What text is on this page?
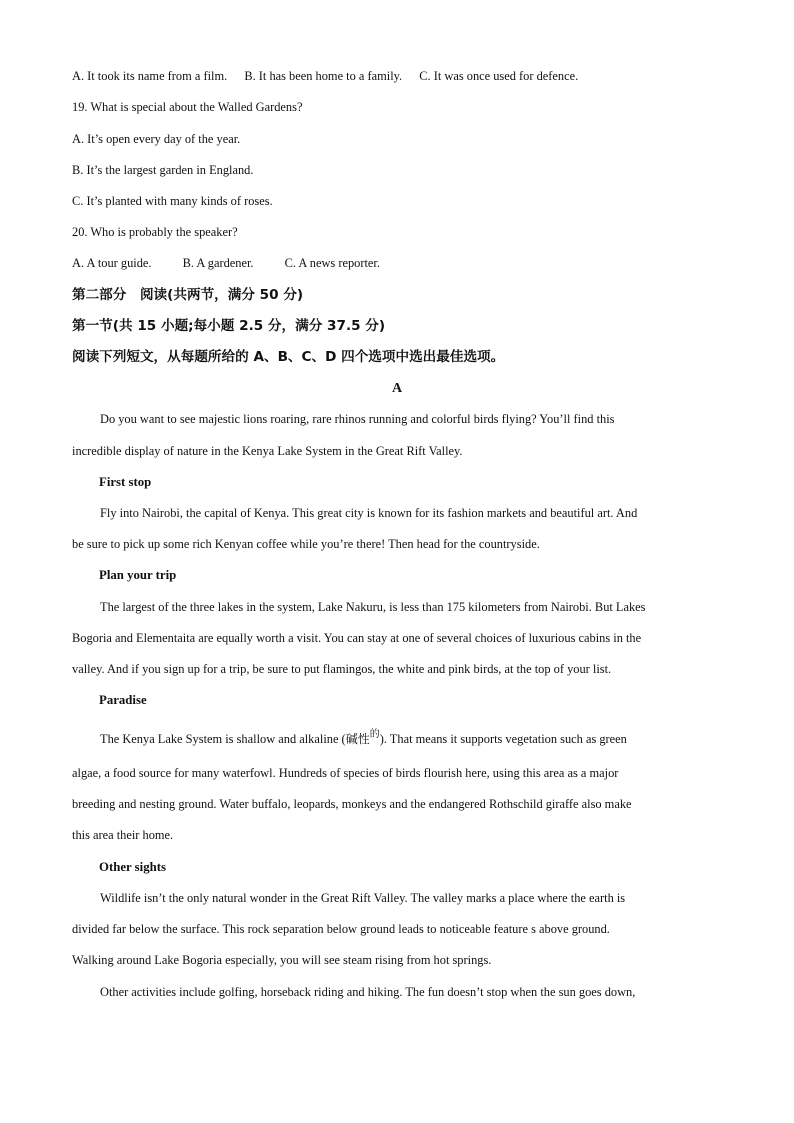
A. It took its name from a film. B. It has been home to a family. C. It was once used for defence.
19. What is special about the Walled Gardens?
A. It’s open every day of the year.
B. It’s the largest garden in England.
C. It’s planted with many kinds of roses.
20. Who is probably the speaker?
A. A tour guide.	B. A gardener.	C. A news reporter.
第二部分　阅读(共两节，满分 50 分)
第一节(共 15 小题;每小题 2.5 分，满分 37.5 分)
阅读下列短文，从每题所给的 A、B、C、D 四个选项中选出最佳选项。
A
Do you want to see majestic lions roaring, rare rhinos running and colorful birds flying? You’ll find this
incredible display of nature in the Kenya Lake System in the Great Rift Valley.
First stop
Fly into Nairobi, the capital of Kenya. This great city is known for its fashion markets and beautiful art. And
be sure to pick up some rich Kenyan coffee while you’re there! Then head for the countryside.
Plan your trip
The largest of the three lakes in the system, Lake Nakuru, is less than 175 kilometers from Nairobi. But Lakes
Bogoria and Elementaita are equally worth a visit. You can stay at one of several choices of luxurious cabins in the
valley. And if you sign up for a trip, be sure to put flamingos, the white and pink birds, at the top of your list.
Paradise
The Kenya Lake System is shallow and alkaline (碱性$^的$). That means it supports vegetation such as green
algae, a food source for many waterfowl. Hundreds of species of birds flourish here, using this area as a major
breeding and nesting ground. Water buffalo, leopards, monkeys and the endangered Rothschild giraffe also make
this area their home.
Other sights
Wildlife isn’t the only natural wonder in the Great Rift Valley. The valley marks a place where the earth is
divided far below the surface. This rock separation below ground leads to noticeable feature s above ground.
Walking around Lake Bogoria especially, you will see steam rising from hot springs.
Other activities include golfing, horseback riding and hiking. The fun doesn’t stop when the sun goes down,
